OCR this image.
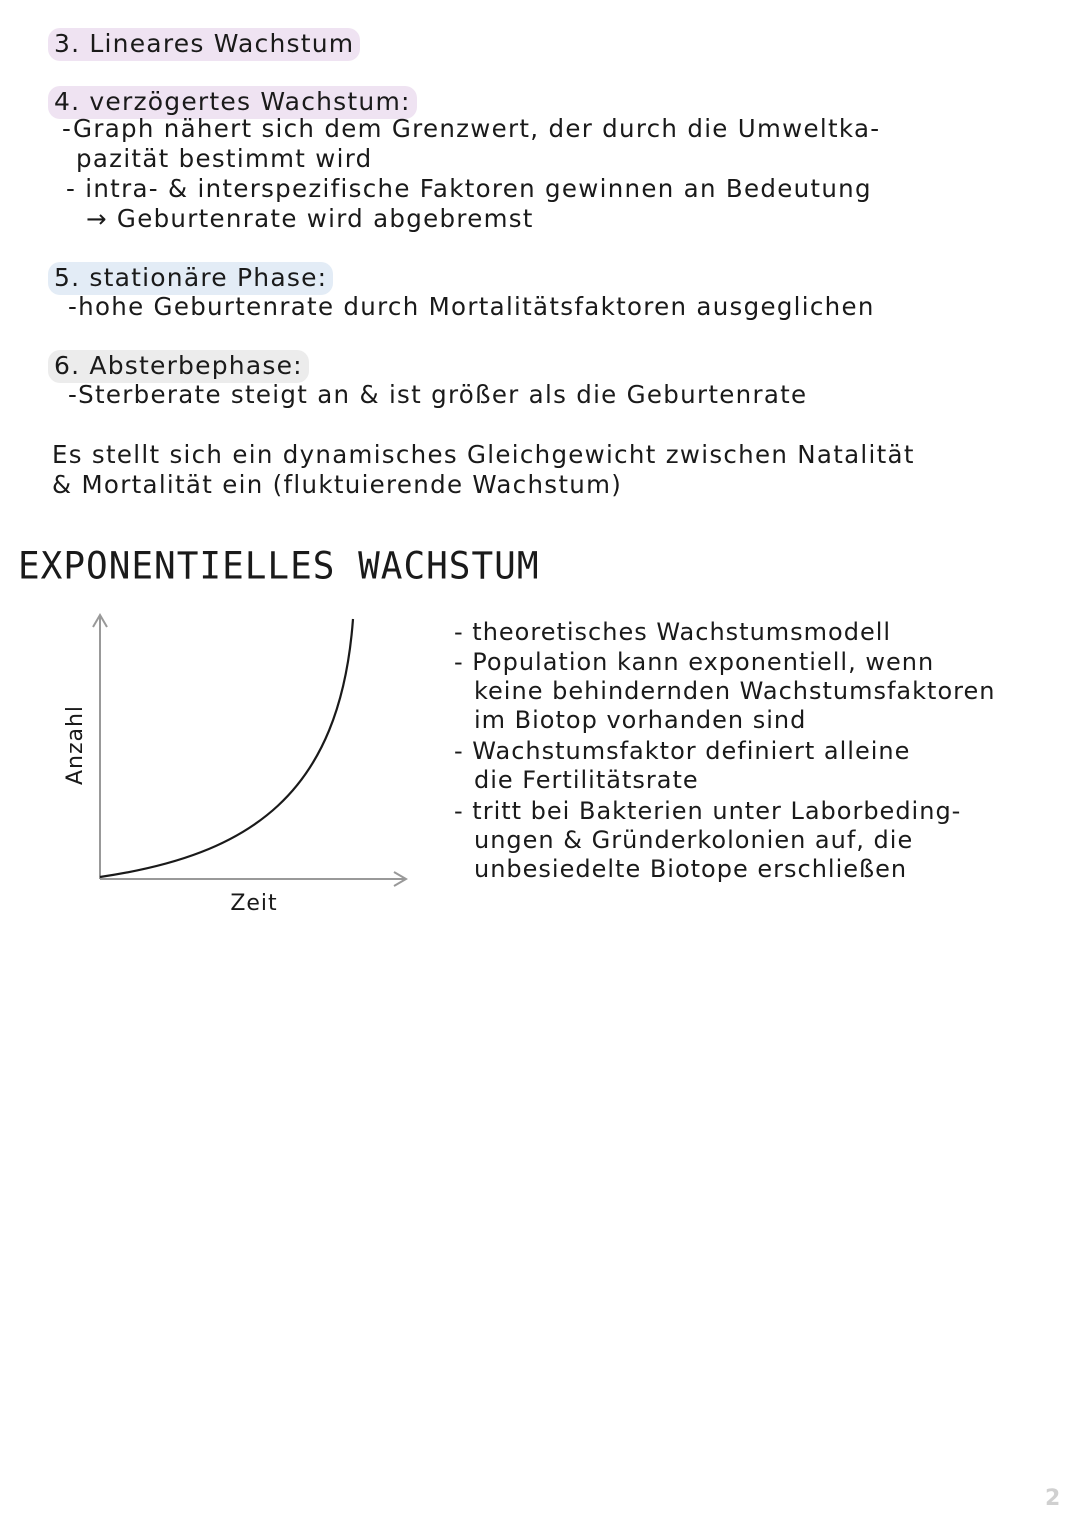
3. Lineares Wachstum
4. verzögertes Wachstum:
-Graph nähert sich dem Grenzwert, der durch die Umweltka-
pazität bestimmt wird
- intra- & interspezifische Faktoren gewinnen an Bedeutung
→ Geburtenrate wird abgebremst
5. stationäre Phase:
-hohe Geburtenrate durch Mortalitätsfaktoren ausgeglichen
6. Absterbephase:
-Sterberate steigt an & ist größer als die Geburtenrate
Es stellt sich ein dynamisches Gleichgewicht zwischen Natalität
& Mortalität ein (fluktuierende Wachstum)
EXPONENTIELLES WACHSTUM
Anzahl
Zeit
- theoretisches Wachstumsmodell
- Population kann exponentiell, wenn
keine behindernden Wachstumsfaktoren
im Biotop vorhanden sind
- Wachstumsfaktor definiert alleine
die Fertilitätsrate
- tritt bei Bakterien unter Laborbeding-
ungen & Gründerkolonien auf, die
unbesiedelte Biotope erschließen
2
